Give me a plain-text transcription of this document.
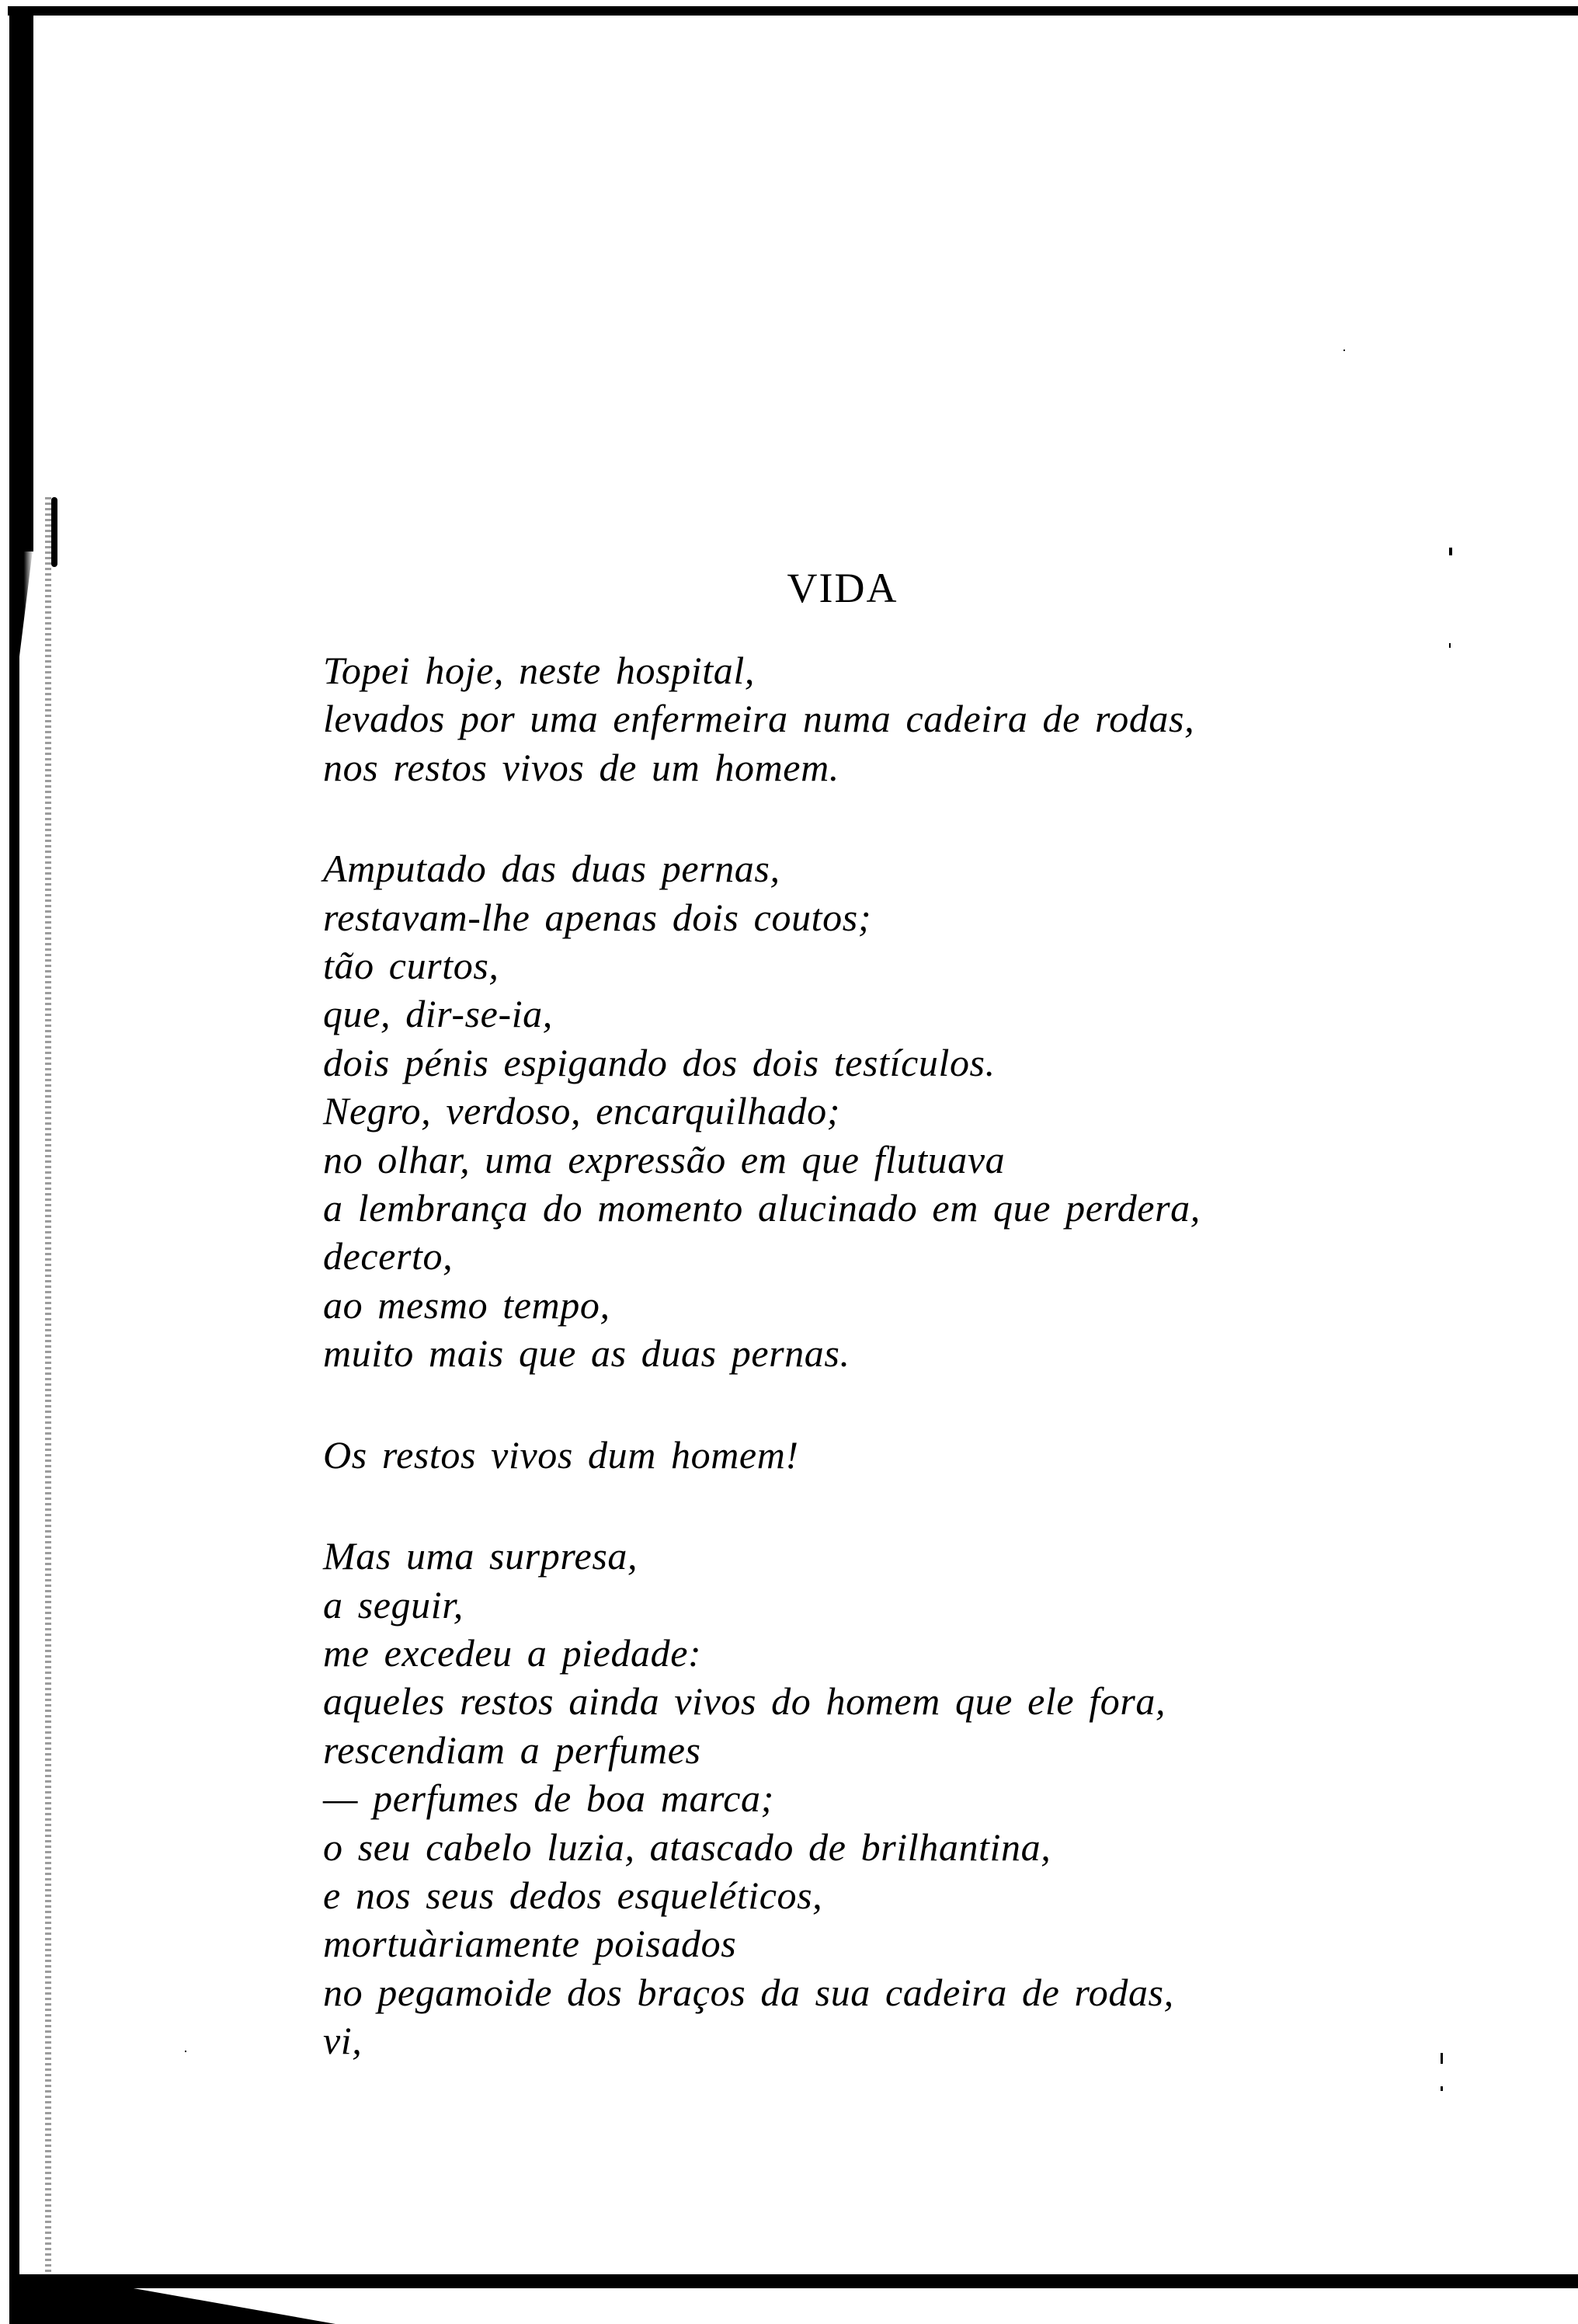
VIDA
Topei hoje, neste hospital,
levados por uma enfermeira numa cadeira de rodas,
nos restos vivos de um homem.
Amputado das duas pernas,
restavam-lhe apenas dois coutos;
tão curtos,
que, dir-se-ia,
dois pénis espigando dos dois testículos.
Negro, verdoso, encarquilhado;
no olhar, uma expressão em que flutuava
a lembrança do momento alucinado em que perdera,
decerto,
ao mesmo tempo,
muito mais que as duas pernas.
Os restos vivos dum homem!
Mas uma surpresa,
a seguir,
me excedeu a piedade:
aqueles restos ainda vivos do homem que ele fora,
rescendiam a perfumes
— perfumes de boa marca;
o seu cabelo luzia, atascado de brilhantina,
e nos seus dedos esqueléticos,
mortuàriamente poisados
no pegamoide dos braços da sua cadeira de rodas,
vi,
